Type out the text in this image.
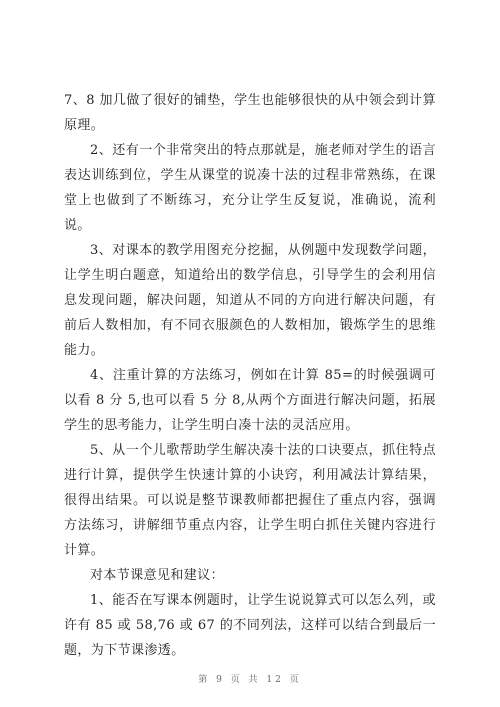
7、8 加几做了很好的铺垫，学生也能够很快的从中领会到计算原理。

2、还有一个非常突出的特点那就是，施老师对学生的语言表达训练到位，学生从课堂的说凑十法的过程非常熟练，在课堂上也做到了不断练习，充分让学生反复说，准确说，流利说。

3、对课本的教学用图充分挖掘，从例题中发现数学问题，让学生明白题意，知道给出的数学信息，引导学生的会利用信息发现问题，解决问题，知道从不同的方向进行解决问题，有前后人数相加，有不同衣服颜色的人数相加，锻炼学生的思维能力。

4、注重计算的方法练习，例如在计算 85=的时候强调可以看 8 分 5,也可以看 5 分 8,从两个方面进行解决问题，拓展学生的思考能力，让学生明白凑十法的灵活应用。

5、从一个儿歌帮助学生解决凑十法的口诀要点，抓住特点进行计算，提供学生快速计算的小诀窍，利用减法计算结果，很得出结果。可以说是整节课教师都把握住了重点内容，强调方法练习，讲解细节重点内容，让学生明白抓住关键内容进行计算。

对本节课意见和建议：

1、能否在写课本例题时，让学生说说算式可以怎么列，或许有 85 或 58,76 或 67 的不同列法，这样可以结合到最后一题，为下节课渗透。

第 9 页 共 12 页
